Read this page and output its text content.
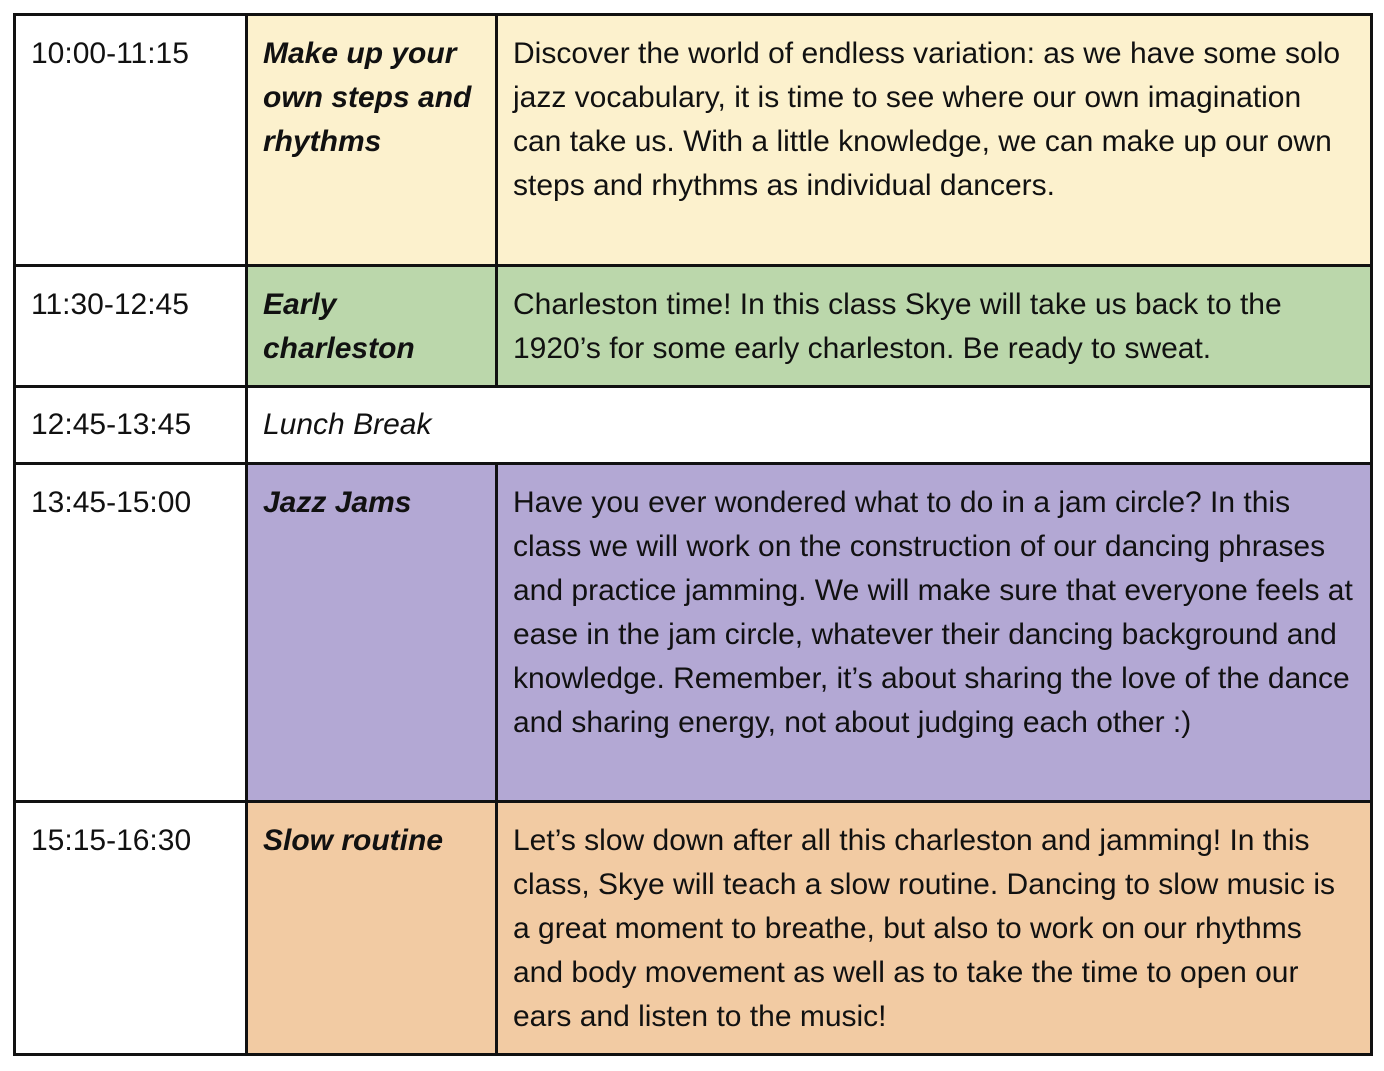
10:00-11:15	Make up your own steps and rhythms	Discover the world of endless variation: as we have some solo jazz vocabulary, it is time to see where our own imagination can take us. With a little knowledge, we can make up our own steps and rhythms as individual dancers.
11:30-12:45	Early charleston	Charleston time! In this class Skye will take us back to the 1920’s for some early charleston. Be ready to sweat.
12:45-13:45	Lunch Break	
13:45-15:00	Jazz Jams	Have you ever wondered what to do in a jam circle? In this class we will work on the construction of our dancing phrases and practice jamming. We will make sure that everyone feels at ease in the jam circle, whatever their dancing background and knowledge. Remember, it’s about sharing the love of the dance and sharing energy, not about judging each other :)
15:15-16:30	Slow routine	Let’s slow down after all this charleston and jamming! In this class, Skye will teach a slow routine. Dancing to slow music is a great moment to breathe, but also to work on our rhythms and body movement as well as to take the time to open our ears and listen to the music!
